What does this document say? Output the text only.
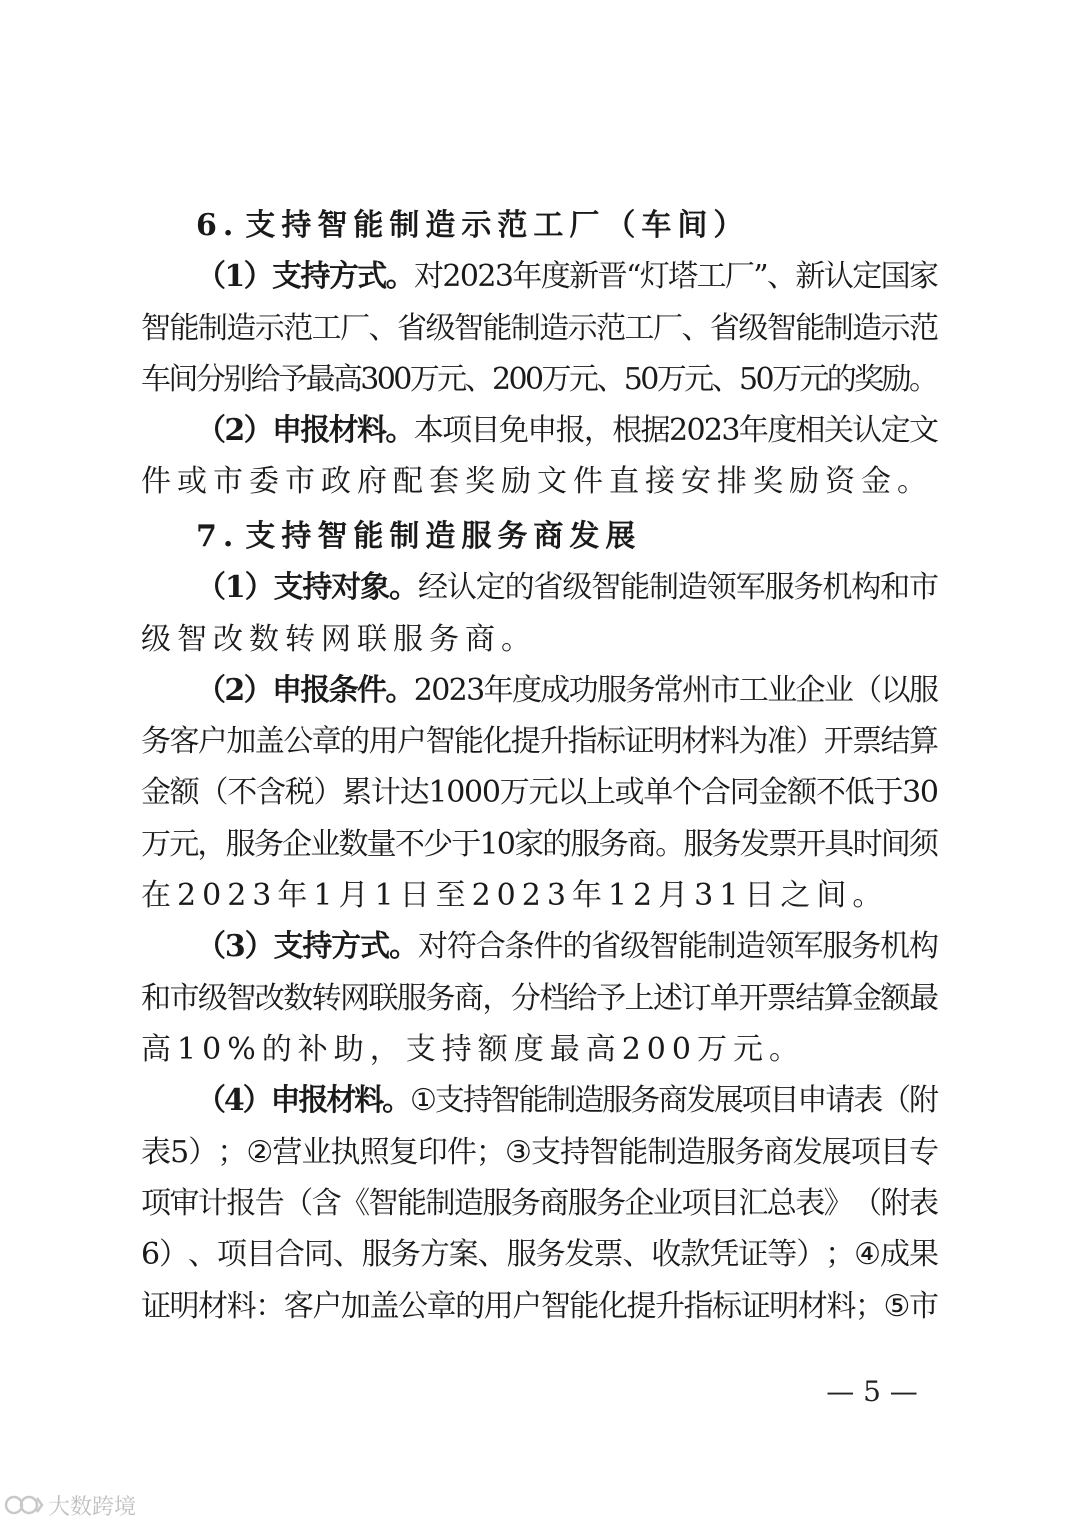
6 . 支 持 智 能 制 造 示 范 工 厂 （ 车 间 ）
（
1
）
支
持
方
式
。
对
2
0
2
3
年
度
新
晋
“
灯
塔
工
厂
”
、
新
认
定
国
家
智
能
制
造
示
范
工
厂
、
省
级
智
能
制
造
示
范
工
厂
、
省
级
智
能
制
造
示
范
车
间
分
别
给
予
最
高
3
0
0
万
元
、
2
0
0
万
元
、
5
0
万
元
、
5
0
万
元
的
奖
励
。
（
2
）
申
报
材
料
。
本
项
目
免
申
报
，
根
据
2
0
2
3
年
度
相
关
认
定
文
件 或 市 委 市 政 府 配 套 奖 励 文 件 直 接 安 排 奖 励 资 金 。
7 . 支 持 智 能 制 造 服 务 商 发 展
（
1
）
支
持
对
象
。
经
认
定
的
省
级
智
能
制
造
领
军
服
务
机
构
和
市
级 智 改 数 转 网 联 服 务 商 。
（
2
）
申
报
条
件
。
2
0
2
3
年
度
成
功
服
务
常
州
市
工
业
企
业
（
以
服
务
客
户
加
盖
公
章
的
用
户
智
能
化
提
升
指
标
证
明
材
料
为
准
）
开
票
结
算
金
额
（
不
含
税
）
累
计
达
1
0
0
0
万
元
以
上
或
单
个
合
同
金
额
不
低
于
3
0
万
元
，
服
务
企
业
数
量
不
少
于
1
0
家
的
服
务
商
。
服
务
发
票
开
具
时
间
须
在 2 0 2 3 年 1 月 1 日 至 2 0 2 3 年 1 2 月 3 1 日 之 间 。
（
3
）
支
持
方
式
。
对
符
合
条
件
的
省
级
智
能
制
造
领
军
服
务
机
构
和
市
级
智
改
数
转
网
联
服
务
商
，
分
档
给
予
上
述
订
单
开
票
结
算
金
额
最
高 1 0 % 的 补 助 ， 支 持 额 度 最 高 2 0 0 万 元 。
（
4
）
申
报
材
料
。
①
支
持
智
能
制
造
服
务
商
发
展
项
目
申
请
表
（
附
表 5 ） ； ② 营 业 执 照 复 印 件 ； ③ 支 持 智 能 制 造 服 务 商 发 展 项 目 专
项
审
计
报
告
（
含
《
智
能
制
造
服
务
商
服
务
企
业
项
目
汇
总
表
》
（
附
表
6
）
、
项
目
合
同
、
服
务
方
案
、
服
务
发
票
、
收
款
凭
证
等
）
；
④
成
果
证
明
材
料
：
客
户
加
盖
公
章
的
用
户
智
能
化
提
升
指
标
证
明
材
料
；
⑤
市
— 5 —
大数跨境
